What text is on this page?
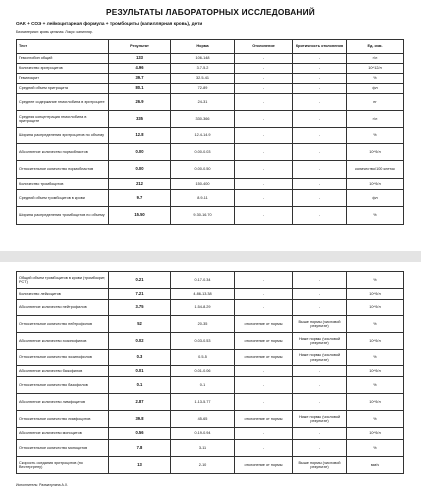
РЕЗУЛЬТАТЫ ЛАБОРАТОРНЫХ ИССЛЕДОВАНИЙ
ОАК + СОЭ + лейкоцитарная формула + тромбоциты (капиллярная кровь), дети
Биоматериал: кровь цельная. Локус: капилляр.
Тест	Результат	Норма	Отклонение	Критичность отклонения	Ед. изм.
Гемоглобин общий	133	106-148	-	-	г/л
Количество эритроцитов	4.96	3.7-5.2	-	-	10^12/л
Гематокрит	39.7	32.5-41	-	-	%
Средний объем эритроцита	80.1	72-89	-	-	фл
Среднее содержание гемоглобина в эритроците	26.9	24-31	-	-	пг
Средняя концентрация гемоглобина в эритроците	335	330-366	-	-	г/л
Ширина распределения эритроцитов по объему	12.8	12.4-14.9	-	-	%
Абсолютное количество нормобластов	0.00	0.00-0.03	-	-	10^9/л
Относительное количество нормобластов	0.00	0.00-0.50	-	-	количество/100 клеток
Количество тромбоцитов	212	150-400	-	-	10^9/л
Средний объем тромбоцитов в крови	9.7	8.9-11	-	-	фл
Ширина распределения тромбоцитов по объему	15.50	9.30-16.70	-	-	%
Общий объем тромбоцитов в крови (тромбокрит, PCT)	0.21	0.17-0.34	-	-	%
Количество лейкоцитов	7.21	4.86-13.38	-	-	10^9/л
Абсолютное количество нейтрофилов	3.75	1.54-8.29	-	-	10^9/л
Относительное количество нейтрофилов	52	20-35	отклонение от нормы	Выше нормы (числовой результат)	%
Абсолютное количество эозинофилов	0.02	0.03-0.53	отклонение от нормы	Ниже нормы (числовой результат)	10^9/л
Относительное количество эозинофилов	0.3	0.5-5	отклонение от нормы	Ниже нормы (числовой результат)	%
Абсолютное количество базофилов	0.01	0.01-0.06	-	-	10^9/л
Относительное количество базофилов	0.1	0-1	-	-	%
Абсолютное количество лимфоцитов	2.87	1.13-5.77	-	-	10^9/л
Относительное количество лимфоцитов	39.8	45-65	отклонение от нормы	Ниже нормы (числовой результат)	%
Абсолютное количество моноцитов	0.56	0.19-0.94	-	-	10^9/л
Относительное количество моноцитов	7.8	3-11	-	-	%
Скорость оседания эритроцитов (по Вестергрену)	13	2-10	отклонение от нормы	Выше нормы (числовой результат)	мм/ч
Исполнитель: Рахматулина А.Х.
